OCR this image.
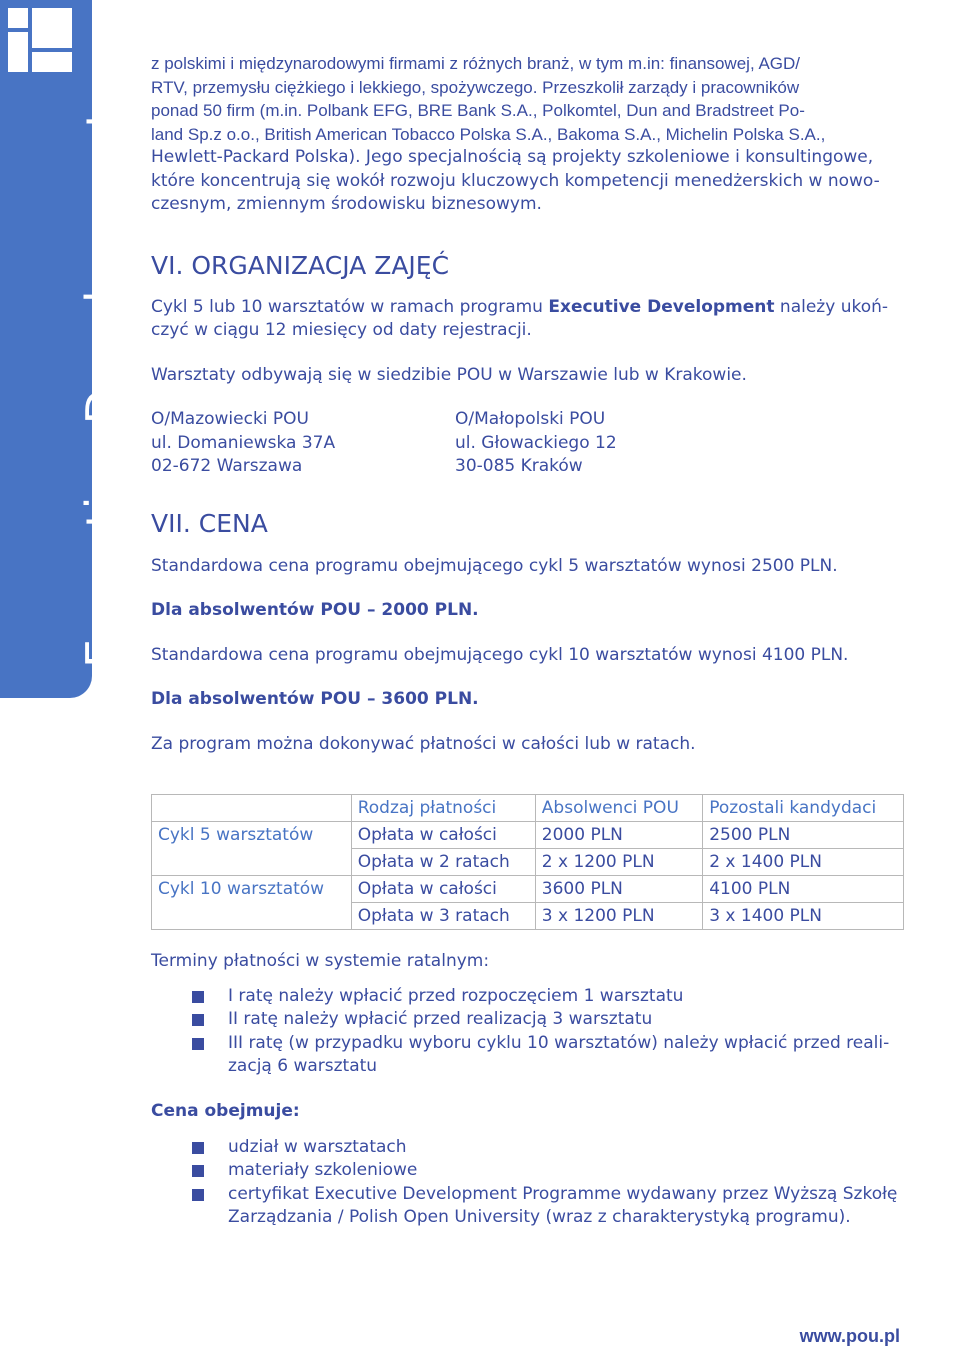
Executive Development
z polskimi i międzynarodowymi firmami z różnych branż, w tym m.in: finansowej, AGD/
RTV, przemysłu ciężkiego i lekkiego, spożywczego. Przeszkolił zarządy i pracowników
ponad 50 firm (m.in. Polbank EFG, BRE Bank S.A., Polkomtel, Dun and Bradstreet Po-
land Sp.z o.o., British American Tobacco Polska S.A., Bakoma S.A., Michelin Polska S.A.,
Hewlett-Packard Polska). Jego specjalnością są projekty szkoleniowe i konsultingowe,
które koncentrują się wokół rozwoju kluczowych kompetencji menedżerskich w nowo-
czesnym, zmiennym środowisku biznesowym.
VI. ORGANIZACJA ZAJĘĆ
Cykl 5 lub 10 warsztatów w ramach programu Executive Development należy ukoń-
czyć w ciągu 12 miesięcy od daty rejestracji.
Warsztaty odbywają się w siedzibie POU w Warszawie lub w Krakowie.
O/Mazowiecki POU
ul. Domaniewska 37A
02-672 Warszawa
O/Małopolski POU
ul. Głowackiego 12
30-085 Kraków
VII. CENA
Standardowa cena programu obejmującego cykl 5 warsztatów wynosi 2500 PLN.
Dla absolwentów POU – 2000 PLN.
Standardowa cena programu obejmującego cykl 10 warsztatów wynosi 4100 PLN.
Dla absolwentów POU – 3600 PLN.
Za program można dokonywać płatności w całości lub w ratach.
	Rodzaj płatności	Absolwenci POU	Pozostali kandydaci
Cykl 5 warsztatów	Opłata w całości	2000 PLN	2500 PLN
	Opłata w 2 ratach	2 x 1200 PLN	2 x 1400 PLN
Cykl 10 warsztatów	Opłata w całości	3600 PLN	4100 PLN
	Opłata w 3 ratach	3 x 1200 PLN	3 x 1400 PLN
Terminy płatności w systemie ratalnym:
I ratę należy wpłacić przed rozpoczęciem 1 warsztatu
II ratę należy wpłacić przed realizacją 3 warsztatu
III ratę (w przypadku wyboru cyklu 10 warsztatów) należy wpłacić przed reali-
zacją 6 warsztatu
Cena obejmuje:
udział w warsztatach
materiały szkoleniowe
certyfikat Executive Development Programme wydawany przez Wyższą Szkołę
Zarządzania / Polish Open University (wraz z charakterystyką programu).
www.pou.pl
